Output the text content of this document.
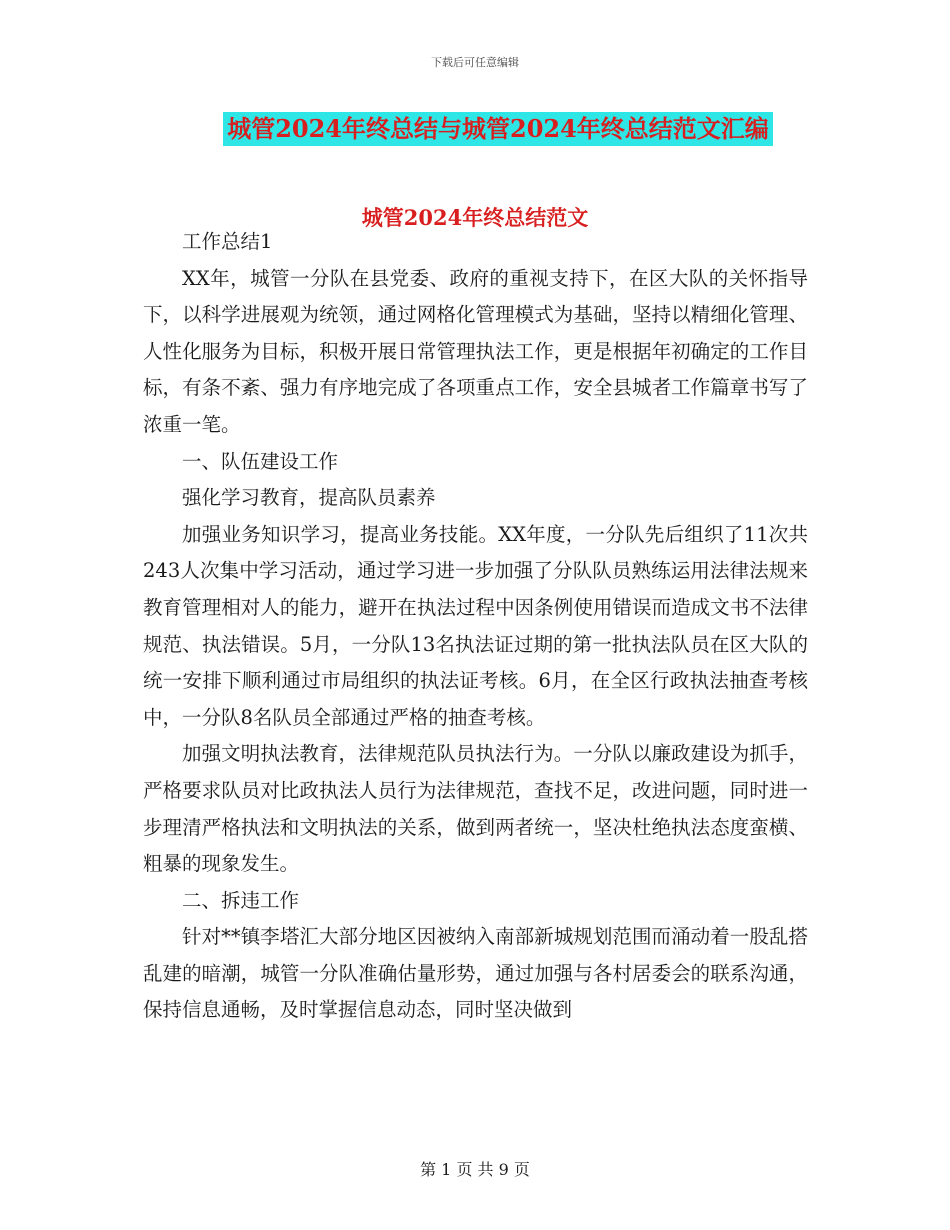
下载后可任意编辑
城管2024年终总结与城管2024年终总结范文汇编
城管2024年终总结范文

工作总结1

XX年，城管一分队在县党委、政府的重视支持下，在区大队的关怀指导下，以科学进展观为统领，通过网格化管理模式为基础，坚持以精细化管理、人性化服务为目标，积极开展日常管理执法工作，更是根据年初确定的工作目标，有条不紊、强力有序地完成了各项重点工作，安全县城者工作篇章书写了浓重一笔。

一、队伍建设工作

强化学习教育，提高队员素养

加强业务知识学习，提高业务技能。XX年度，一分队先后组织了11次共243人次集中学习活动，通过学习进一步加强了分队队员熟练运用法律法规来教育管理相对人的能力，避开在执法过程中因条例使用错误而造成文书不法律规范、执法错误。5月，一分队13名执法证过期的第一批执法队员在区大队的统一安排下顺利通过市局组织的执法证考核。6月，在全区行政执法抽查考核中，一分队8名队员全部通过严格的抽查考核。

加强文明执法教育，法律规范队员执法行为。一分队以廉政建设为抓手，严格要求队员对比政执法人员行为法律规范，查找不足，改进问题，同时进一步理清严格执法和文明执法的关系，做到两者统一，坚决杜绝执法态度蛮横、粗暴的现象发生。

二、拆违工作

针对**镇李塔汇大部分地区因被纳入南部新城规划范围而涌动着一股乱搭乱建的暗潮，城管一分队准确估量形势，通过加强与各村居委会的联系沟通，保持信息通畅，及时掌握信息动态，同时坚决做到

第 1 页 共 9 页
